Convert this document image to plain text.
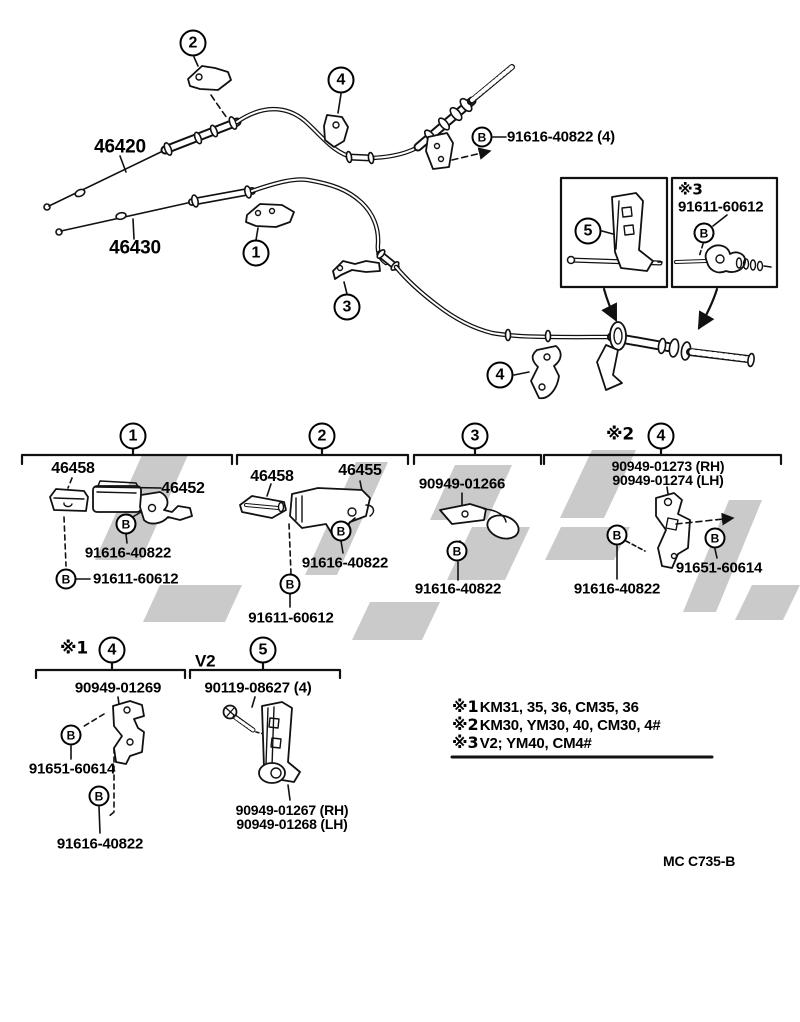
※1 KM31, 35, 36, CM35, 36
※2 KM30, YM30, 40, CM30, 4#
※3 V2; YM40, CM4#
MC C735-B
46420
46430
91616-40822 (4)
※3
91611-60612
46458
46452
91616-40822
91611-60612
46458	46455
91616-40822
91611-60612
90949-01266
91616-40822
90949-01273 (RH)
90949-01274 (LH)
91651-60614
91616-40822
※1
90949-01269
91651-60614
91616-40822
V2
90119-08627 (4)
90949-01267 (RH)
90949-01268 (LH)
※2
2
4
1
3
5
4
1	2	3	4
4	5
B
B
B
B
B
B
B
B	B
B
B
